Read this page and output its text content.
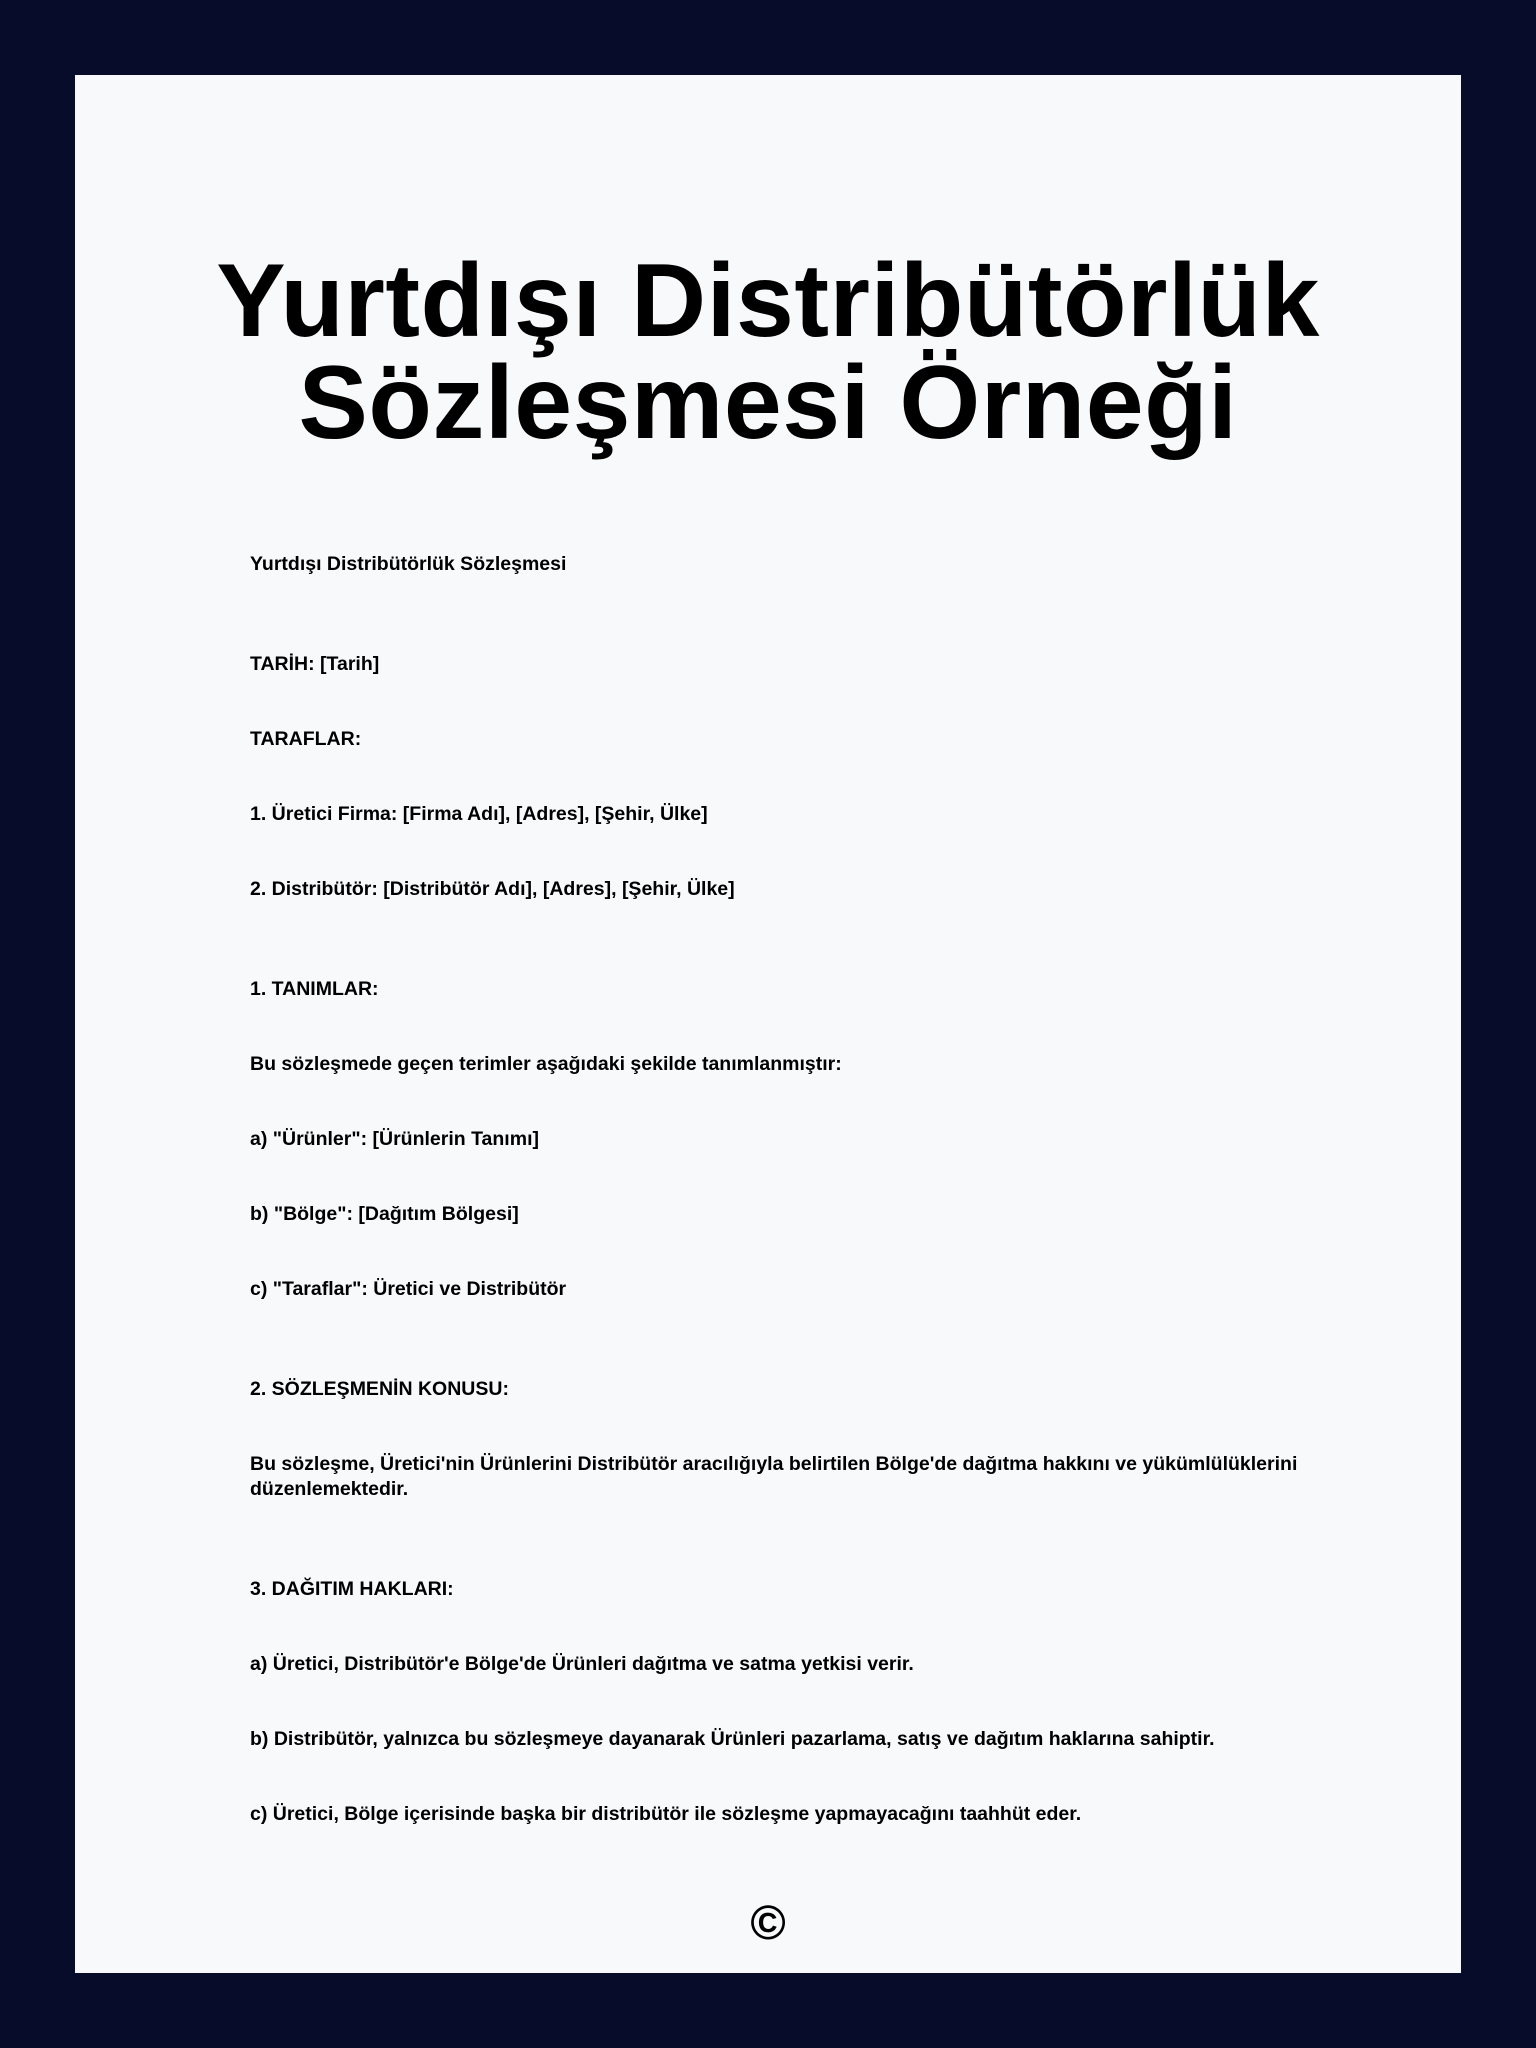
Yurtdışı Distribütörlük
Sözleşmesi Örneği

Yurtdışı Distribütörlük Sözleşmesi

TARİH: [Tarih]

TARAFLAR:

1. Üretici Firma: [Firma Adı], [Adres], [Şehir, Ülke]

2. Distribütör: [Distribütör Adı], [Adres], [Şehir, Ülke]

1. TANIMLAR:

Bu sözleşmede geçen terimler aşağıdaki şekilde tanımlanmıştır:

a) "Ürünler": [Ürünlerin Tanımı]

b) "Bölge": [Dağıtım Bölgesi]

c) "Taraflar": Üretici ve Distribütör

2. SÖZLEŞMENİN KONUSU:

Bu sözleşme, Üretici'nin Ürünlerini Distribütör aracılığıyla belirtilen Bölge'de dağıtma hakkını ve yükümlülüklerini düzenlemektedir.

3. DAĞITIM HAKLARI:

a) Üretici, Distribütör'e Bölge'de Ürünleri dağıtma ve satma yetkisi verir.

b) Distribütör, yalnızca bu sözleşmeye dayanarak Ürünleri pazarlama, satış ve dağıtım haklarına sahiptir.

c) Üretici, Bölge içerisinde başka bir distribütör ile sözleşme yapmayacağını taahhüt eder.

©
